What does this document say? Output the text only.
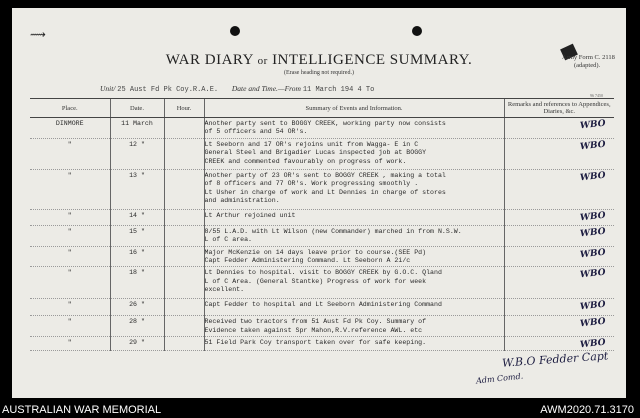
⟿
Army Form C. 2118
(adapted).
WAR DIARY or INTELLIGENCE SUMMARY.
(Erase heading not required.)
Unit/ 25 Aust Fd Pk Coy.R.A.E. Date and Time.—From 11 March 194 4 To
96 7450
Place.	Date.	Hour.	Summary of Events and Information.	Remarks and references to Appendices, Diaries, &c.
DINMORE	11 March		Another party sent to BOGGY CREEK, working party now consists
of 5 officers and 54 OR's.	WBO

"	12 "		Lt Seeborn and 17 OR's rejoins unit from Wagga- E in C
General Steel and Brigadier Lucas inspected job at BOGGY
CREEK and commented favourably on progress of work.	WBO

"	13 "		Another party of 23 OR's sent to BOGGY CREEK , making a total
of 8 officers and 77 OR's. Work progressing smoothly .
Lt Usher in charge of work and Lt Dennies in charge of stores
and administration.	WBO

"	14 "		Lt Arthur rejoined unit	WBO

"	15 "		8/55 L.A.D. with Lt Wilson (new Commander) marched in from N.S.W.
L of C area.	WBO

"	16 "		Major McKenzie on 14 days leave prior to course.(SEE Pd)
Capt Fedder Administering Command. Lt Seeborn A 2i/c	WBO

"	18 "		Lt Dennies to hospital. visit to BOGGY CREEK by G.O.C. Qland
L of C Area. (General Stantke) Progress of work for week
excellent.	WBO

"	26 "		Capt Fedder to hospital and Lt Seeborn Administering Command	WBO

"	28 "		Received two tractors from 51 Aust Fd Pk Coy. Summary of
Evidence taken against Spr Mahon,R.V.reference AWL. etc	WBO

"	29 "		51 Field Park Coy transport taken over for safe keeping.	WBO
W.B.O Fedder Capt
Adm Comd.
AUSTRALIAN WAR MEMORIAL	AWM2020.71.3170
